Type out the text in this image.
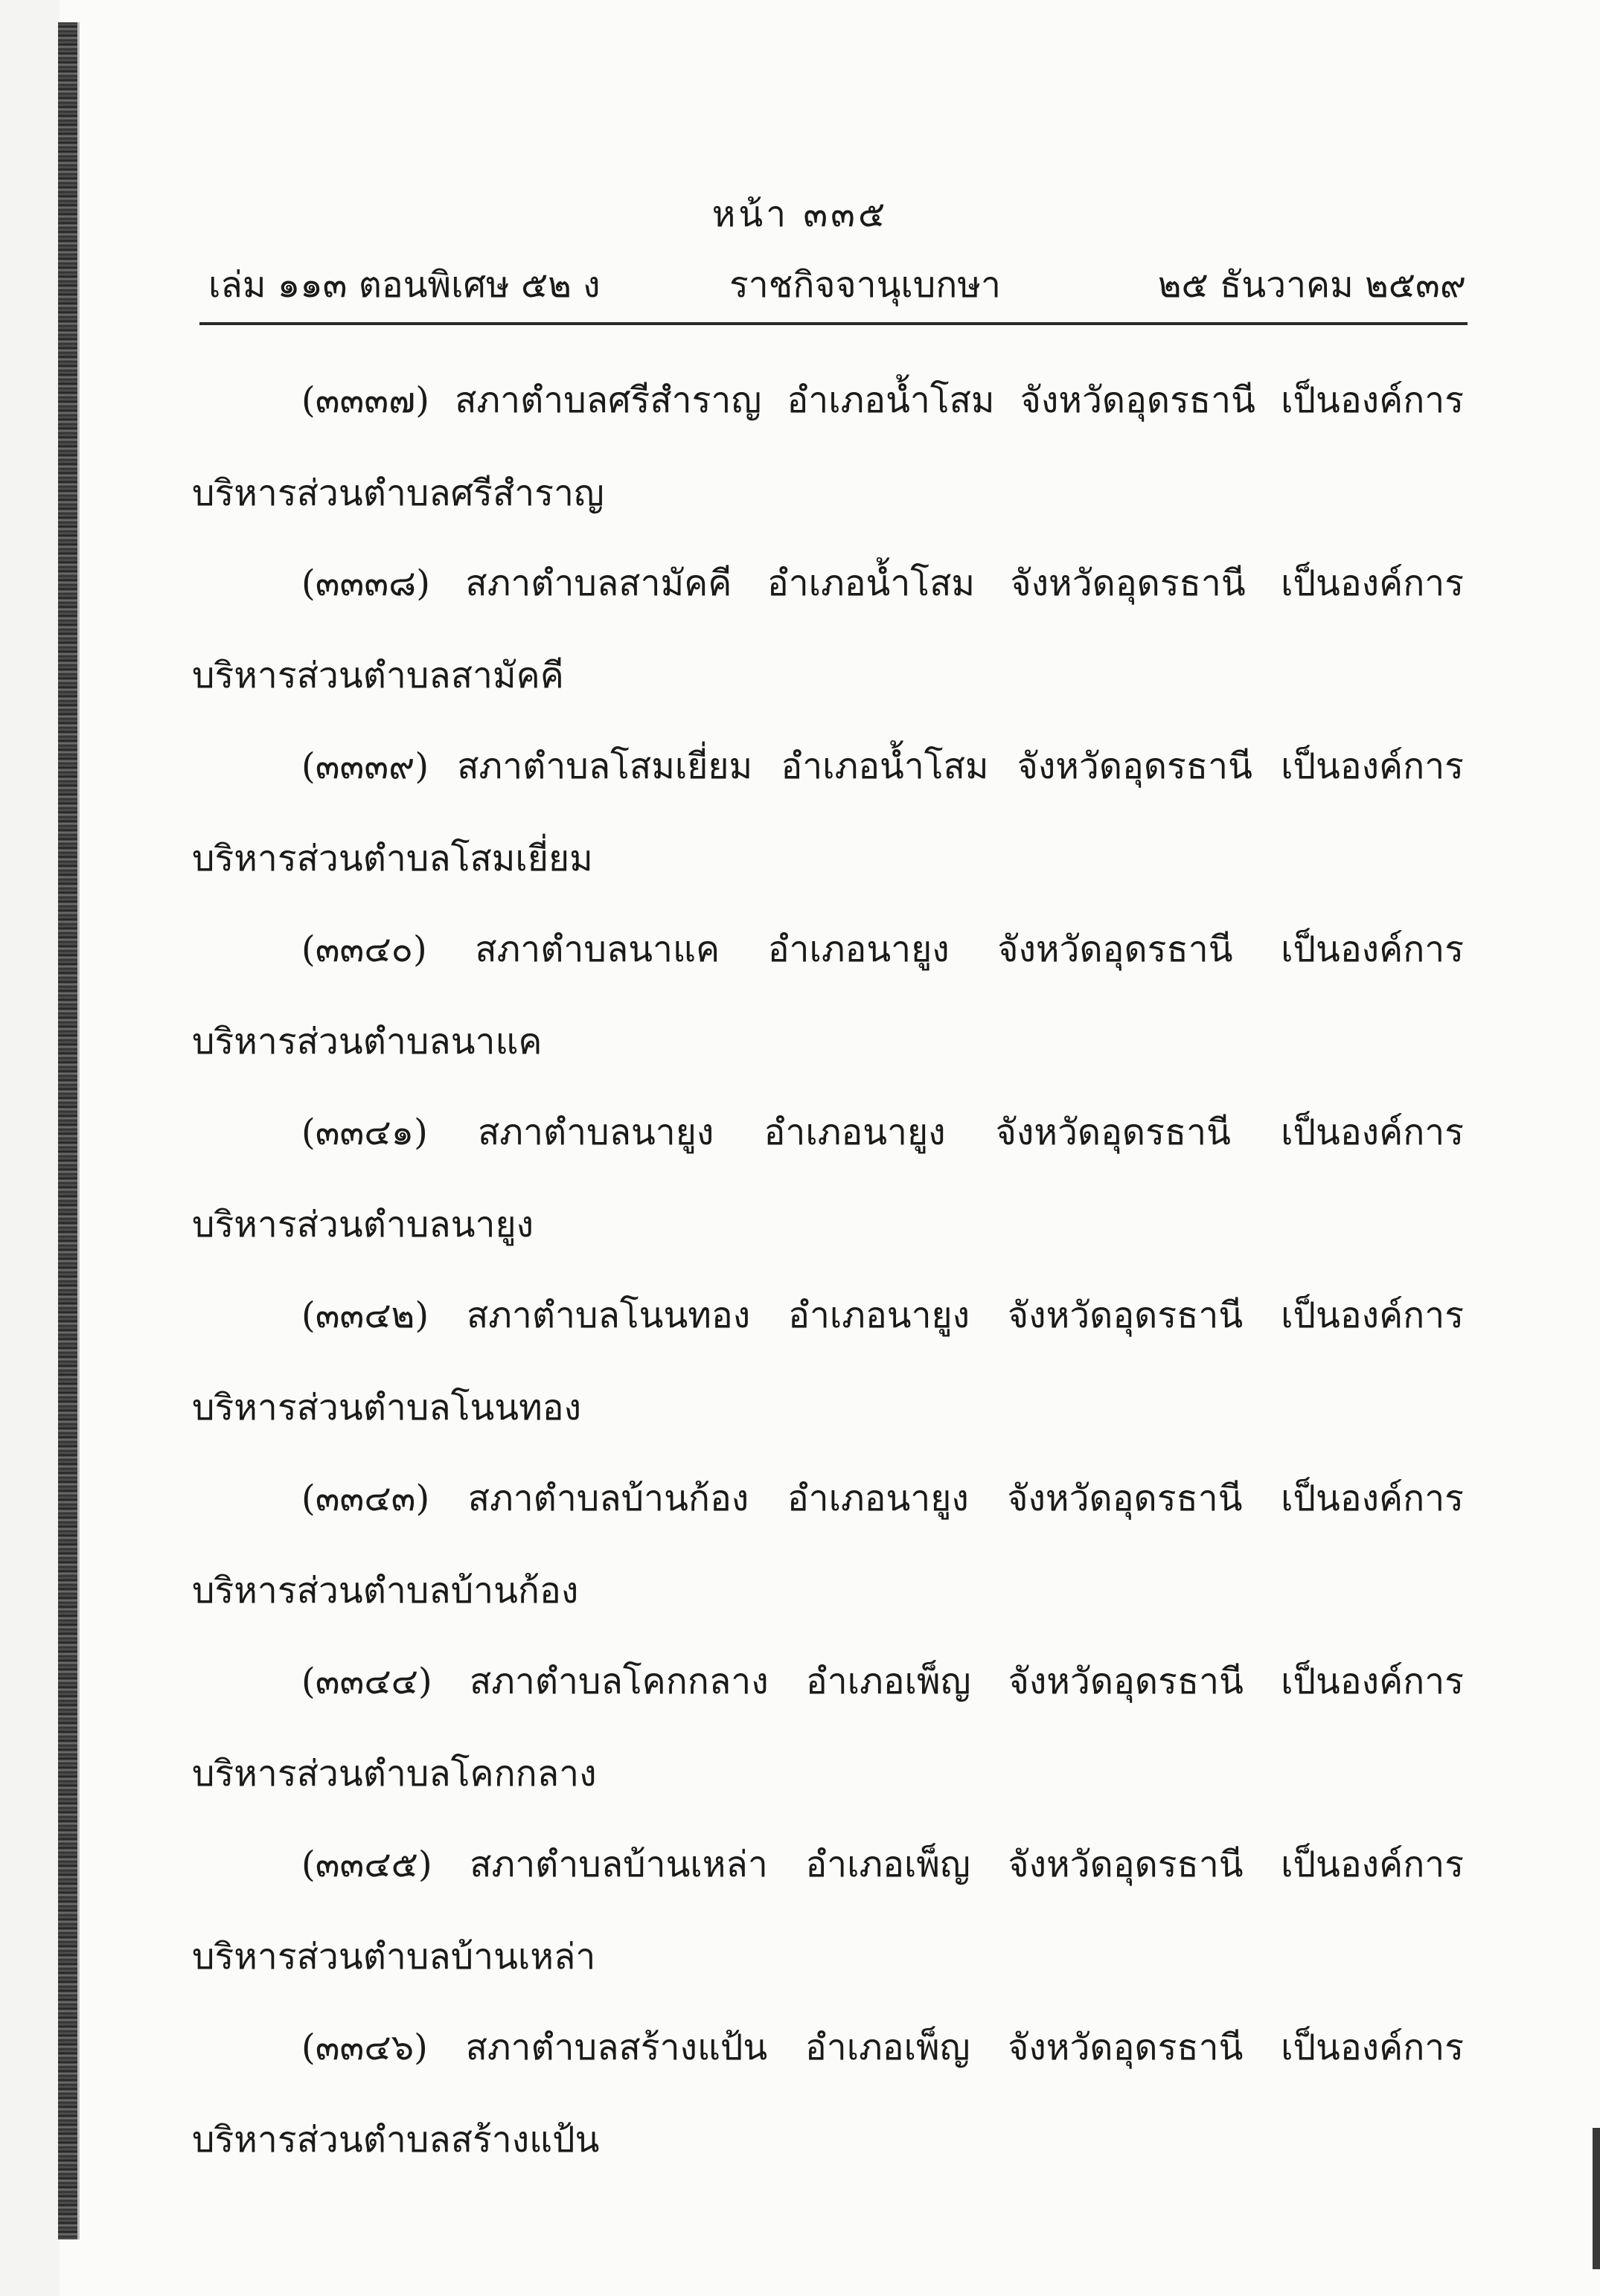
หน้า ๓๓๕
เล่ม ๑๑๓ ตอนพิเศษ ๕๒ ง	ราชกิจจานุเบกษา	๒๕ ธันวาคม ๒๕๓๙
(๓๓๓๗) สภาตำบลศรีสำราญ อำเภอน้ำโสม จังหวัดอุดรธานี เป็นองค์การ
บริหารส่วนตำบลศรีสำราญ
(๓๓๓๘) สภาตำบลสามัคคี อำเภอน้ำโสม จังหวัดอุดรธานี เป็นองค์การ
บริหารส่วนตำบลสามัคคี
(๓๓๓๙) สภาตำบลโสมเยี่ยม อำเภอน้ำโสม จังหวัดอุดรธานี เป็นองค์การ
บริหารส่วนตำบลโสมเยี่ยม
(๓๓๔๐) สภาตำบลนาแค อำเภอนายูง จังหวัดอุดรธานี เป็นองค์การ
บริหารส่วนตำบลนาแค
(๓๓๔๑) สภาตำบลนายูง อำเภอนายูง จังหวัดอุดรธานี เป็นองค์การ
บริหารส่วนตำบลนายูง
(๓๓๔๒) สภาตำบลโนนทอง อำเภอนายูง จังหวัดอุดรธานี เป็นองค์การ
บริหารส่วนตำบลโนนทอง
(๓๓๔๓) สภาตำบลบ้านก้อง อำเภอนายูง จังหวัดอุดรธานี เป็นองค์การ
บริหารส่วนตำบลบ้านก้อง
(๓๓๔๔) สภาตำบลโคกกลาง อำเภอเพ็ญ จังหวัดอุดรธานี เป็นองค์การ
บริหารส่วนตำบลโคกกลาง
(๓๓๔๕) สภาตำบลบ้านเหล่า อำเภอเพ็ญ จังหวัดอุดรธานี เป็นองค์การ
บริหารส่วนตำบลบ้านเหล่า
(๓๓๔๖) สภาตำบลสร้างแป้น อำเภอเพ็ญ จังหวัดอุดรธานี เป็นองค์การ
บริหารส่วนตำบลสร้างแป้น
